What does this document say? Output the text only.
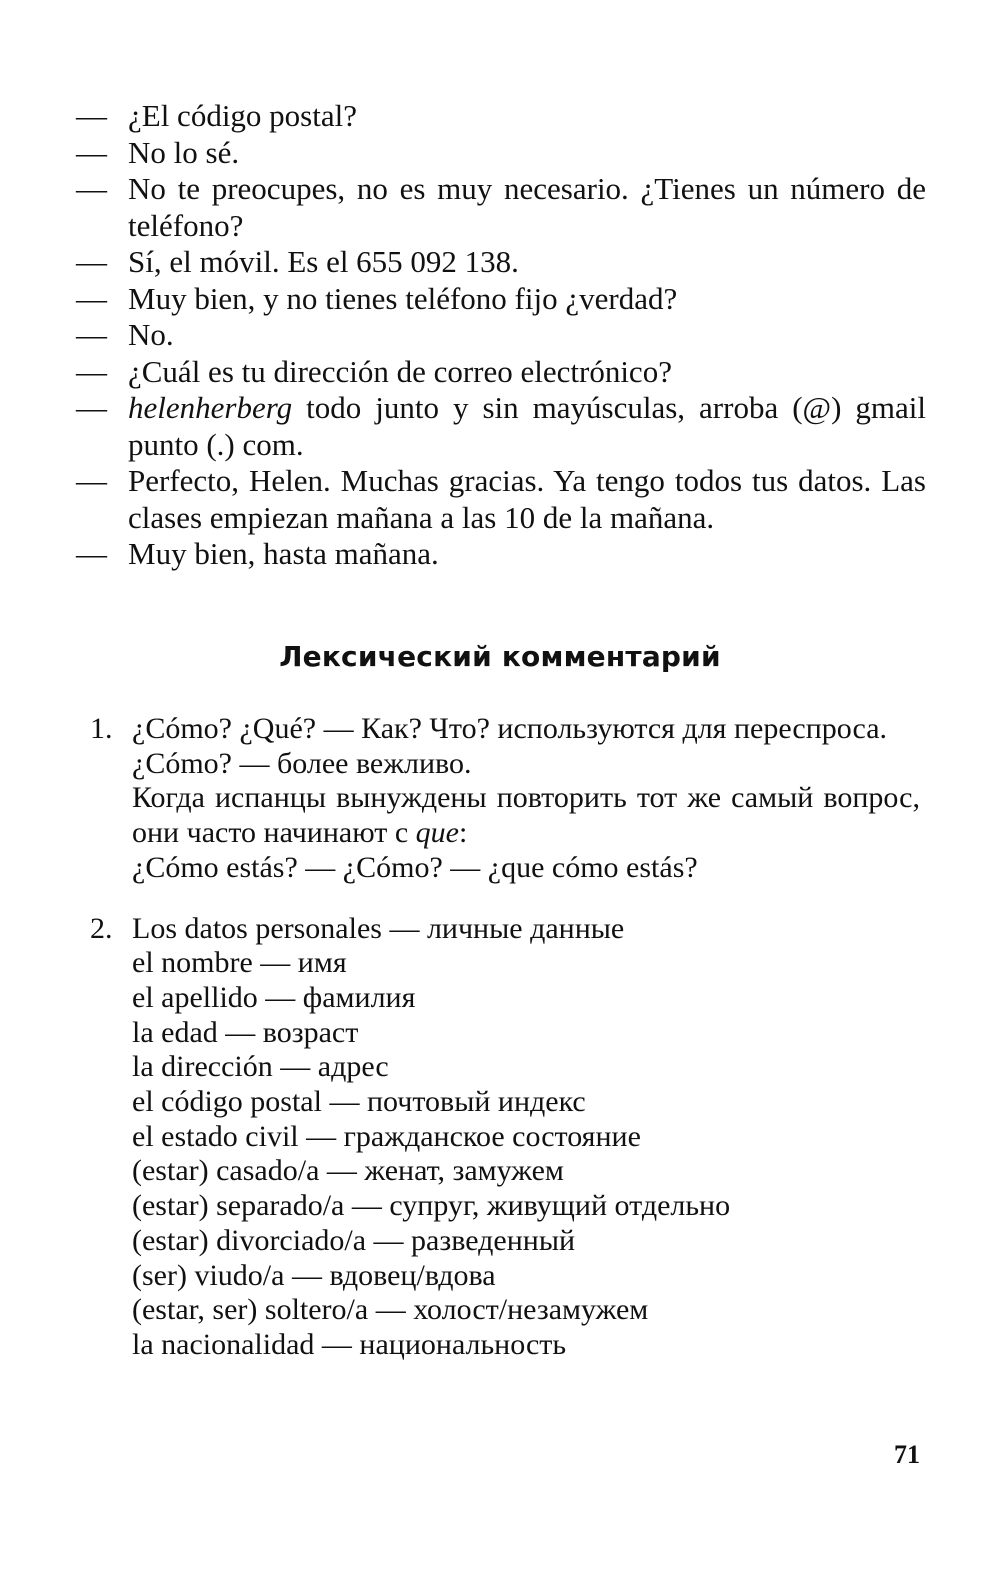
— ¿El código postal?
— No lo sé.
— No te preocupes, no es muy necesario. ¿Tienes un número de teléfono?
— Sí, el móvil. Es el 655 092 138.
— Muy bien, y no tienes teléfono fijo ¿verdad?
— No.
— ¿Cuál es tu dirección de correo electrónico?
— helenherberg todo junto y sin mayúsculas, arroba (@) gmail punto (.) com.
— Perfecto, Helen. Muchas gracias. Ya tengo todos tus datos. Las clases empiezan mañana a las 10 de la mañana.
— Muy bien, hasta mañana.
Лексический комментарий
1. ¿Cómo? ¿Qué? — Как? Что? используются для переспроса.
¿Cómo? — более вежливо.
Когда испанцы вынуждены повторить тот же самый вопрос, они часто начинают с que:
¿Cómo estás? — ¿Cómo? — ¿que cómo estás?
2. Los datos personales — личные данные
el nombre — имя
el apellido — фамилия
la edad — возраст
la dirección — адрес
el código postal — почтовый индекс
el estado civil — гражданское состояние
(estar) casado/a — женат, замужем
(estar) separado/a — супруг, живущий отдельно
(estar) divorciado/a — разведенный
(ser) viudo/a — вдовец/вдова
(estar, ser) soltero/a — холост/незамужем
la nacionalidad — национальность
71
